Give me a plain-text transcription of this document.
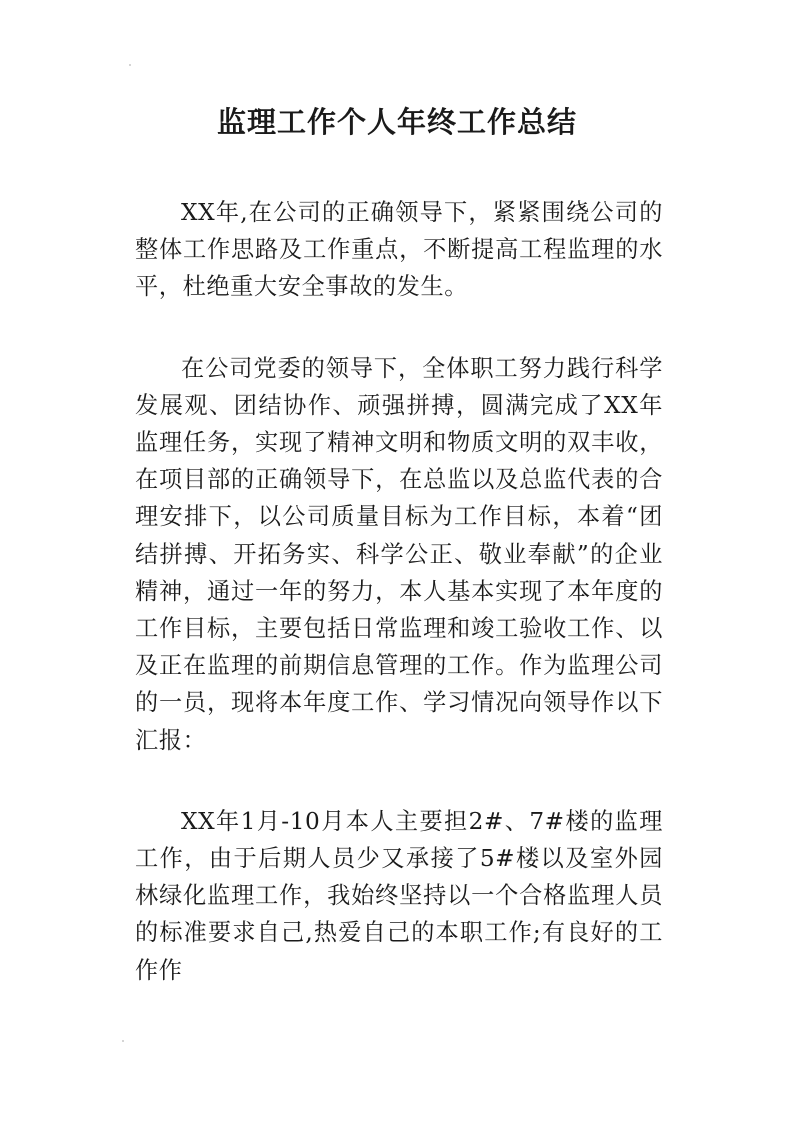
监理工作个人年终工作总结

XX年,在公司的正确领导下，紧紧围绕公司的整体工作思路及工作重点，不断提高工程监理的水平，杜绝重大安全事故的发生。

在公司党委的领导下，全体职工努力践行科学发展观、团结协作、顽强拼搏，圆满完成了XX年监理任务，实现了精神文明和物质文明的双丰收，在项目部的正确领导下，在总监以及总监代表的合理安排下，以公司质量目标为工作目标，本着“团结拼搏、开拓务实、科学公正、敬业奉献”的企业精神，通过一年的努力，本人基本实现了本年度的工作目标，主要包括日常监理和竣工验收工作、以及正在监理的前期信息管理的工作。作为监理公司的一员，现将本年度工作、学习情况向领导作以下汇报：

XX年1月-10月本人主要担2#、7#楼的监理工作，由于后期人员少又承接了5#楼以及室外园林绿化监理工作，我始终坚持以一个合格监理人员的标准要求自己,热爱自己的本职工作;有良好的工作作
